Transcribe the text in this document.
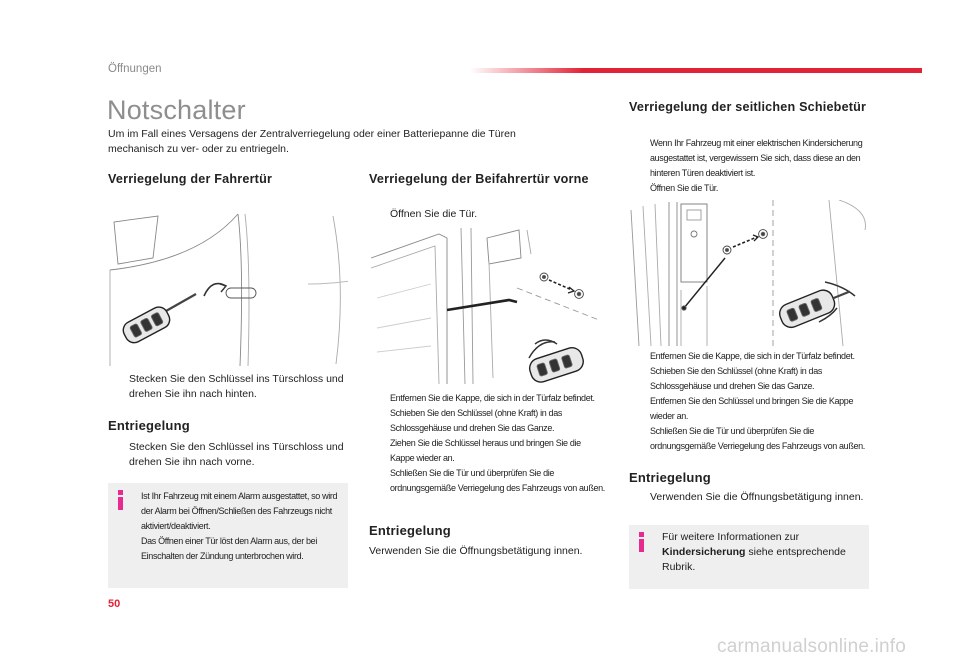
Öffnungen
Notschalter

Um im Fall eines Versagens der Zentralverriegelung oder einer Batteriepanne die Türen mechanisch zu ver- oder zu entriegeln.

Verriegelung der Fahrertür
Stecken Sie den Schlüssel ins Türschloss und drehen Sie ihn nach hinten.
Entriegelung
Stecken Sie den Schlüssel ins Türschloss und drehen Sie ihn nach vorne.
Ist Ihr Fahrzeug mit einem Alarm ausgestattet, so wird der Alarm bei Öffnen/Schließen des Fahrzeugs nicht aktiviert/deaktiviert.
Das Öffnen einer Tür löst den Alarm aus, der bei Einschalten der Zündung unterbrochen wird.
Verriegelung der Beifahrertür vorne
Öffnen Sie die Tür.
Entfernen Sie die Kappe, die sich in der Türfalz befindet.
Schieben Sie den Schlüssel (ohne Kraft) in das Schlossgehäuse und drehen Sie das Ganze.
Ziehen Sie die Schlüssel heraus und bringen Sie die Kappe wieder an.
Schließen Sie die Tür und überprüfen Sie die ordnungsgemäße Verriegelung des Fahrzeugs von außen.
Entriegelung

Verwenden Sie die Öffnungsbetätigung innen.

Verriegelung der seitlichen Schiebetür
Wenn Ihr Fahrzeug mit einer elektrischen Kindersicherung ausgestattet ist, vergewissern Sie sich, dass diese an den hinteren Türen deaktiviert ist.
Öffnen Sie die Tür.
Entfernen Sie die Kappe, die sich in der Türfalz befindet.
Schieben Sie den Schlüssel (ohne Kraft) in das Schlossgehäuse und drehen Sie das Ganze.
Entfernen Sie den Schlüssel und bringen Sie die Kappe wieder an.
Schließen Sie die Tür und überprüfen Sie die ordnungsgemäße Verriegelung des Fahrzeugs von außen.
Entriegelung
Verwenden Sie die Öffnungsbetätigung innen.
Für weitere Informationen zur Kindersicherung siehe entsprechende Rubrik.
50
carmanualsonline.info
